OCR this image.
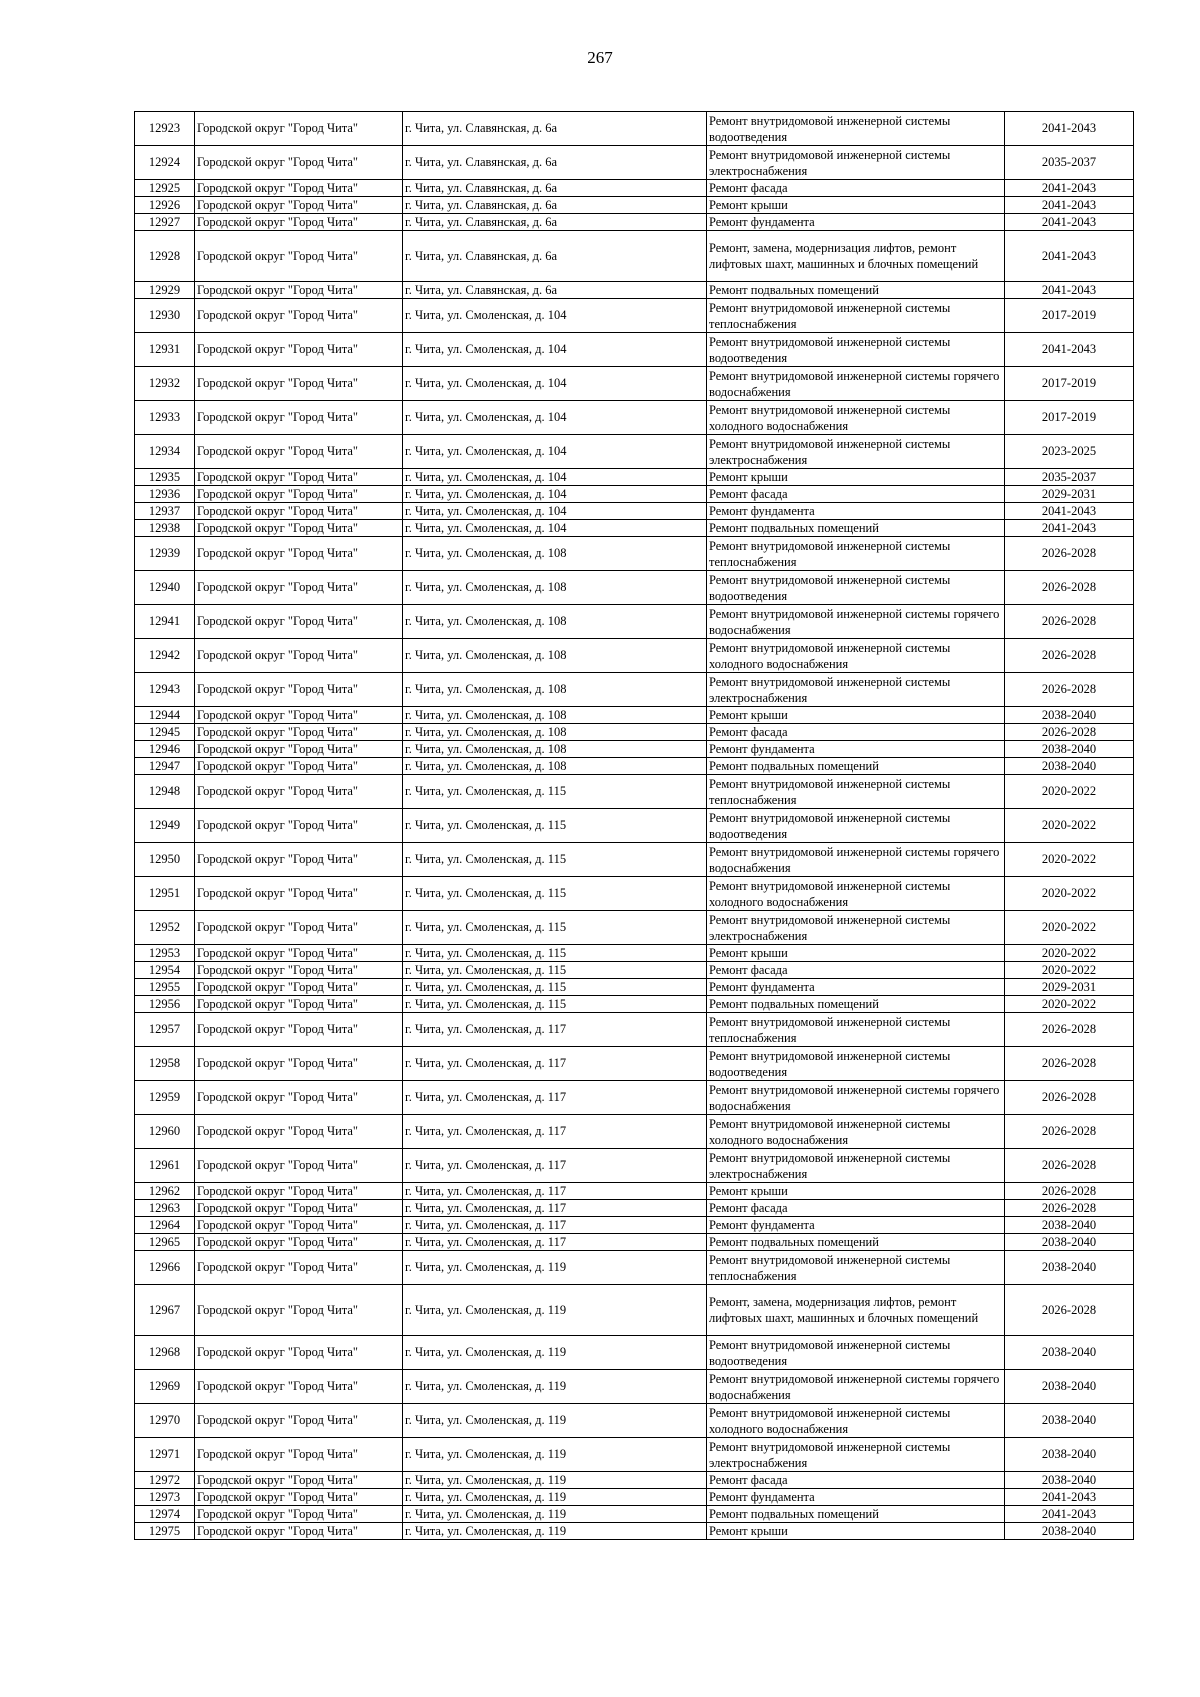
267
12923	Городской округ "Город Чита"	г. Чита, ул. Славянская, д. 6а	Ремонт внутридомовой инженерной системы водоотведения	2041-2043
12924	Городской округ "Город Чита"	г. Чита, ул. Славянская, д. 6а	Ремонт внутридомовой инженерной системы электроснабжения	2035-2037
12925	Городской округ "Город Чита"	г. Чита, ул. Славянская, д. 6а	Ремонт фасада	2041-2043
12926	Городской округ "Город Чита"	г. Чита, ул. Славянская, д. 6а	Ремонт крыши	2041-2043
12927	Городской округ "Город Чита"	г. Чита, ул. Славянская, д. 6а	Ремонт фундамента	2041-2043
12928	Городской округ "Город Чита"	г. Чита, ул. Славянская, д. 6а	Ремонт, замена, модернизация лифтов, ремонт лифтовых шахт, машинных и блочных помещений	2041-2043
12929	Городской округ "Город Чита"	г. Чита, ул. Славянская, д. 6а	Ремонт подвальных помещений	2041-2043
12930	Городской округ "Город Чита"	г. Чита, ул. Смоленская, д. 104	Ремонт внутридомовой инженерной системы теплоснабжения	2017-2019
12931	Городской округ "Город Чита"	г. Чита, ул. Смоленская, д. 104	Ремонт внутридомовой инженерной системы водоотведения	2041-2043
12932	Городской округ "Город Чита"	г. Чита, ул. Смоленская, д. 104	Ремонт внутридомовой инженерной системы горячего водоснабжения	2017-2019
12933	Городской округ "Город Чита"	г. Чита, ул. Смоленская, д. 104	Ремонт внутридомовой инженерной системы холодного водоснабжения	2017-2019
12934	Городской округ "Город Чита"	г. Чита, ул. Смоленская, д. 104	Ремонт внутридомовой инженерной системы электроснабжения	2023-2025
12935	Городской округ "Город Чита"	г. Чита, ул. Смоленская, д. 104	Ремонт крыши	2035-2037
12936	Городской округ "Город Чита"	г. Чита, ул. Смоленская, д. 104	Ремонт фасада	2029-2031
12937	Городской округ "Город Чита"	г. Чита, ул. Смоленская, д. 104	Ремонт фундамента	2041-2043
12938	Городской округ "Город Чита"	г. Чита, ул. Смоленская, д. 104	Ремонт подвальных помещений	2041-2043
12939	Городской округ "Город Чита"	г. Чита, ул. Смоленская, д. 108	Ремонт внутридомовой инженерной системы теплоснабжения	2026-2028
12940	Городской округ "Город Чита"	г. Чита, ул. Смоленская, д. 108	Ремонт внутридомовой инженерной системы водоотведения	2026-2028
12941	Городской округ "Город Чита"	г. Чита, ул. Смоленская, д. 108	Ремонт внутридомовой инженерной системы горячего водоснабжения	2026-2028
12942	Городской округ "Город Чита"	г. Чита, ул. Смоленская, д. 108	Ремонт внутридомовой инженерной системы холодного водоснабжения	2026-2028
12943	Городской округ "Город Чита"	г. Чита, ул. Смоленская, д. 108	Ремонт внутридомовой инженерной системы электроснабжения	2026-2028
12944	Городской округ "Город Чита"	г. Чита, ул. Смоленская, д. 108	Ремонт крыши	2038-2040
12945	Городской округ "Город Чита"	г. Чита, ул. Смоленская, д. 108	Ремонт фасада	2026-2028
12946	Городской округ "Город Чита"	г. Чита, ул. Смоленская, д. 108	Ремонт фундамента	2038-2040
12947	Городской округ "Город Чита"	г. Чита, ул. Смоленская, д. 108	Ремонт подвальных помещений	2038-2040
12948	Городской округ "Город Чита"	г. Чита, ул. Смоленская, д. 115	Ремонт внутридомовой инженерной системы теплоснабжения	2020-2022
12949	Городской округ "Город Чита"	г. Чита, ул. Смоленская, д. 115	Ремонт внутридомовой инженерной системы водоотведения	2020-2022
12950	Городской округ "Город Чита"	г. Чита, ул. Смоленская, д. 115	Ремонт внутридомовой инженерной системы горячего водоснабжения	2020-2022
12951	Городской округ "Город Чита"	г. Чита, ул. Смоленская, д. 115	Ремонт внутридомовой инженерной системы холодного водоснабжения	2020-2022
12952	Городской округ "Город Чита"	г. Чита, ул. Смоленская, д. 115	Ремонт внутридомовой инженерной системы электроснабжения	2020-2022
12953	Городской округ "Город Чита"	г. Чита, ул. Смоленская, д. 115	Ремонт крыши	2020-2022
12954	Городской округ "Город Чита"	г. Чита, ул. Смоленская, д. 115	Ремонт фасада	2020-2022
12955	Городской округ "Город Чита"	г. Чита, ул. Смоленская, д. 115	Ремонт фундамента	2029-2031
12956	Городской округ "Город Чита"	г. Чита, ул. Смоленская, д. 115	Ремонт подвальных помещений	2020-2022
12957	Городской округ "Город Чита"	г. Чита, ул. Смоленская, д. 117	Ремонт внутридомовой инженерной системы теплоснабжения	2026-2028
12958	Городской округ "Город Чита"	г. Чита, ул. Смоленская, д. 117	Ремонт внутридомовой инженерной системы водоотведения	2026-2028
12959	Городской округ "Город Чита"	г. Чита, ул. Смоленская, д. 117	Ремонт внутридомовой инженерной системы горячего водоснабжения	2026-2028
12960	Городской округ "Город Чита"	г. Чита, ул. Смоленская, д. 117	Ремонт внутридомовой инженерной системы холодного водоснабжения	2026-2028
12961	Городской округ "Город Чита"	г. Чита, ул. Смоленская, д. 117	Ремонт внутридомовой инженерной системы электроснабжения	2026-2028
12962	Городской округ "Город Чита"	г. Чита, ул. Смоленская, д. 117	Ремонт крыши	2026-2028
12963	Городской округ "Город Чита"	г. Чита, ул. Смоленская, д. 117	Ремонт фасада	2026-2028
12964	Городской округ "Город Чита"	г. Чита, ул. Смоленская, д. 117	Ремонт фундамента	2038-2040
12965	Городской округ "Город Чита"	г. Чита, ул. Смоленская, д. 117	Ремонт подвальных помещений	2038-2040
12966	Городской округ "Город Чита"	г. Чита, ул. Смоленская, д. 119	Ремонт внутридомовой инженерной системы теплоснабжения	2038-2040
12967	Городской округ "Город Чита"	г. Чита, ул. Смоленская, д. 119	Ремонт, замена, модернизация лифтов, ремонт лифтовых шахт, машинных и блочных помещений	2026-2028
12968	Городской округ "Город Чита"	г. Чита, ул. Смоленская, д. 119	Ремонт внутридомовой инженерной системы водоотведения	2038-2040
12969	Городской округ "Город Чита"	г. Чита, ул. Смоленская, д. 119	Ремонт внутридомовой инженерной системы горячего водоснабжения	2038-2040
12970	Городской округ "Город Чита"	г. Чита, ул. Смоленская, д. 119	Ремонт внутридомовой инженерной системы холодного водоснабжения	2038-2040
12971	Городской округ "Город Чита"	г. Чита, ул. Смоленская, д. 119	Ремонт внутридомовой инженерной системы электроснабжения	2038-2040
12972	Городской округ "Город Чита"	г. Чита, ул. Смоленская, д. 119	Ремонт фасада	2038-2040
12973	Городской округ "Город Чита"	г. Чита, ул. Смоленская, д. 119	Ремонт фундамента	2041-2043
12974	Городской округ "Город Чита"	г. Чита, ул. Смоленская, д. 119	Ремонт подвальных помещений	2041-2043
12975	Городской округ "Город Чита"	г. Чита, ул. Смоленская, д. 119	Ремонт крыши	2038-2040
